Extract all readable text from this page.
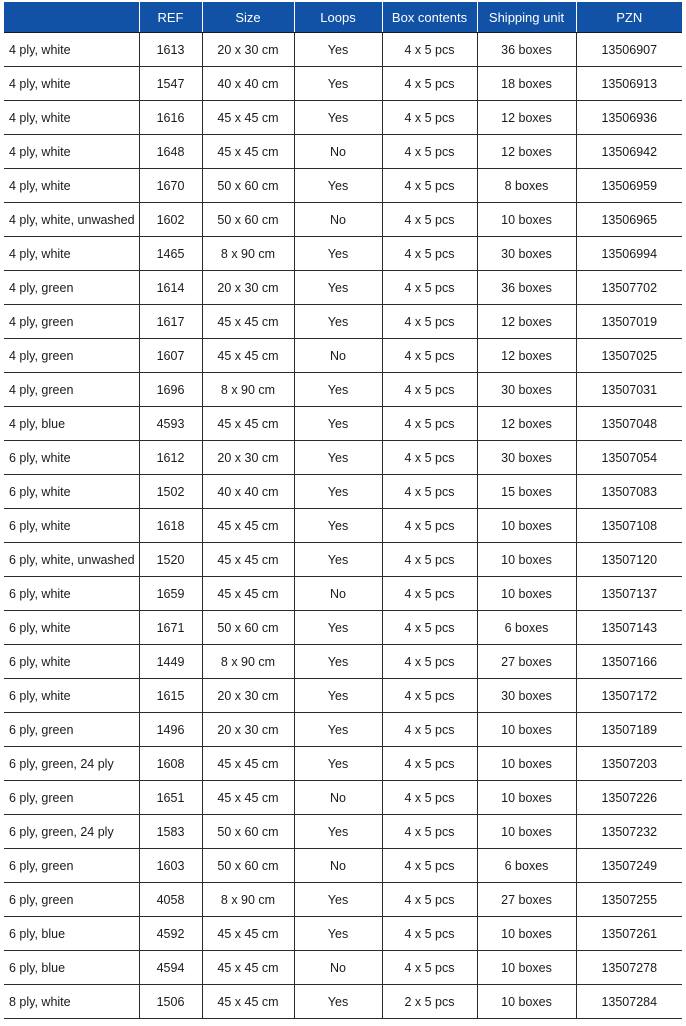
	REF	Size	Loops	Box contents	Shipping unit	PZN
4 ply, white	1613	20 x 30 cm	Yes	4 x 5 pcs	36 boxes	13506907
4 ply, white	1547	40 x 40 cm	Yes	4 x 5 pcs	18 boxes	13506913
4 ply, white	1616	45 x 45 cm	Yes	4 x 5 pcs	12 boxes	13506936
4 ply, white	1648	45 x 45 cm	No	4 x 5 pcs	12 boxes	13506942
4 ply, white	1670	50 x 60 cm	Yes	4 x 5 pcs	8 boxes	13506959
4 ply, white, unwashed	1602	50 x 60 cm	No	4 x 5 pcs	10 boxes	13506965
4 ply, white	1465	8 x 90 cm	Yes	4 x 5 pcs	30 boxes	13506994
4 ply, green	1614	20 x 30 cm	Yes	4 x 5 pcs	36 boxes	13507702
4 ply, green	1617	45 x 45 cm	Yes	4 x 5 pcs	12 boxes	13507019
4 ply, green	1607	45 x 45 cm	No	4 x 5 pcs	12 boxes	13507025
4 ply, green	1696	8 x 90 cm	Yes	4 x 5 pcs	30 boxes	13507031
4 ply, blue	4593	45 x 45 cm	Yes	4 x 5 pcs	12 boxes	13507048
6 ply, white	1612	20 x 30 cm	Yes	4 x 5 pcs	30 boxes	13507054
6 ply, white	1502	40 x 40 cm	Yes	4 x 5 pcs	15 boxes	13507083
6 ply, white	1618	45 x 45 cm	Yes	4 x 5 pcs	10 boxes	13507108
6 ply, white, unwashed	1520	45 x 45 cm	Yes	4 x 5 pcs	10 boxes	13507120
6 ply, white	1659	45 x 45 cm	No	4 x 5 pcs	10 boxes	13507137
6 ply, white	1671	50 x 60 cm	Yes	4 x 5 pcs	6 boxes	13507143
6 ply, white	1449	8 x 90 cm	Yes	4 x 5 pcs	27 boxes	13507166
6 ply, white	1615	20 x 30 cm	Yes	4 x 5 pcs	30 boxes	13507172
6 ply, green	1496	20 x 30 cm	Yes	4 x 5 pcs	10 boxes	13507189
6 ply, green, 24 ply	1608	45 x 45 cm	Yes	4 x 5 pcs	10 boxes	13507203
6 ply, green	1651	45 x 45 cm	No	4 x 5 pcs	10 boxes	13507226
6 ply, green, 24 ply	1583	50 x 60 cm	Yes	4 x 5 pcs	10 boxes	13507232
6 ply, green	1603	50 x 60 cm	No	4 x 5 pcs	6 boxes	13507249
6 ply, green	4058	8 x 90 cm	Yes	4 x 5 pcs	27 boxes	13507255
6 ply, blue	4592	45 x 45 cm	Yes	4 x 5 pcs	10 boxes	13507261
6 ply, blue	4594	45 x 45 cm	No	4 x 5 pcs	10 boxes	13507278
8 ply, white	1506	45 x 45 cm	Yes	2 x 5 pcs	10 boxes	13507284
